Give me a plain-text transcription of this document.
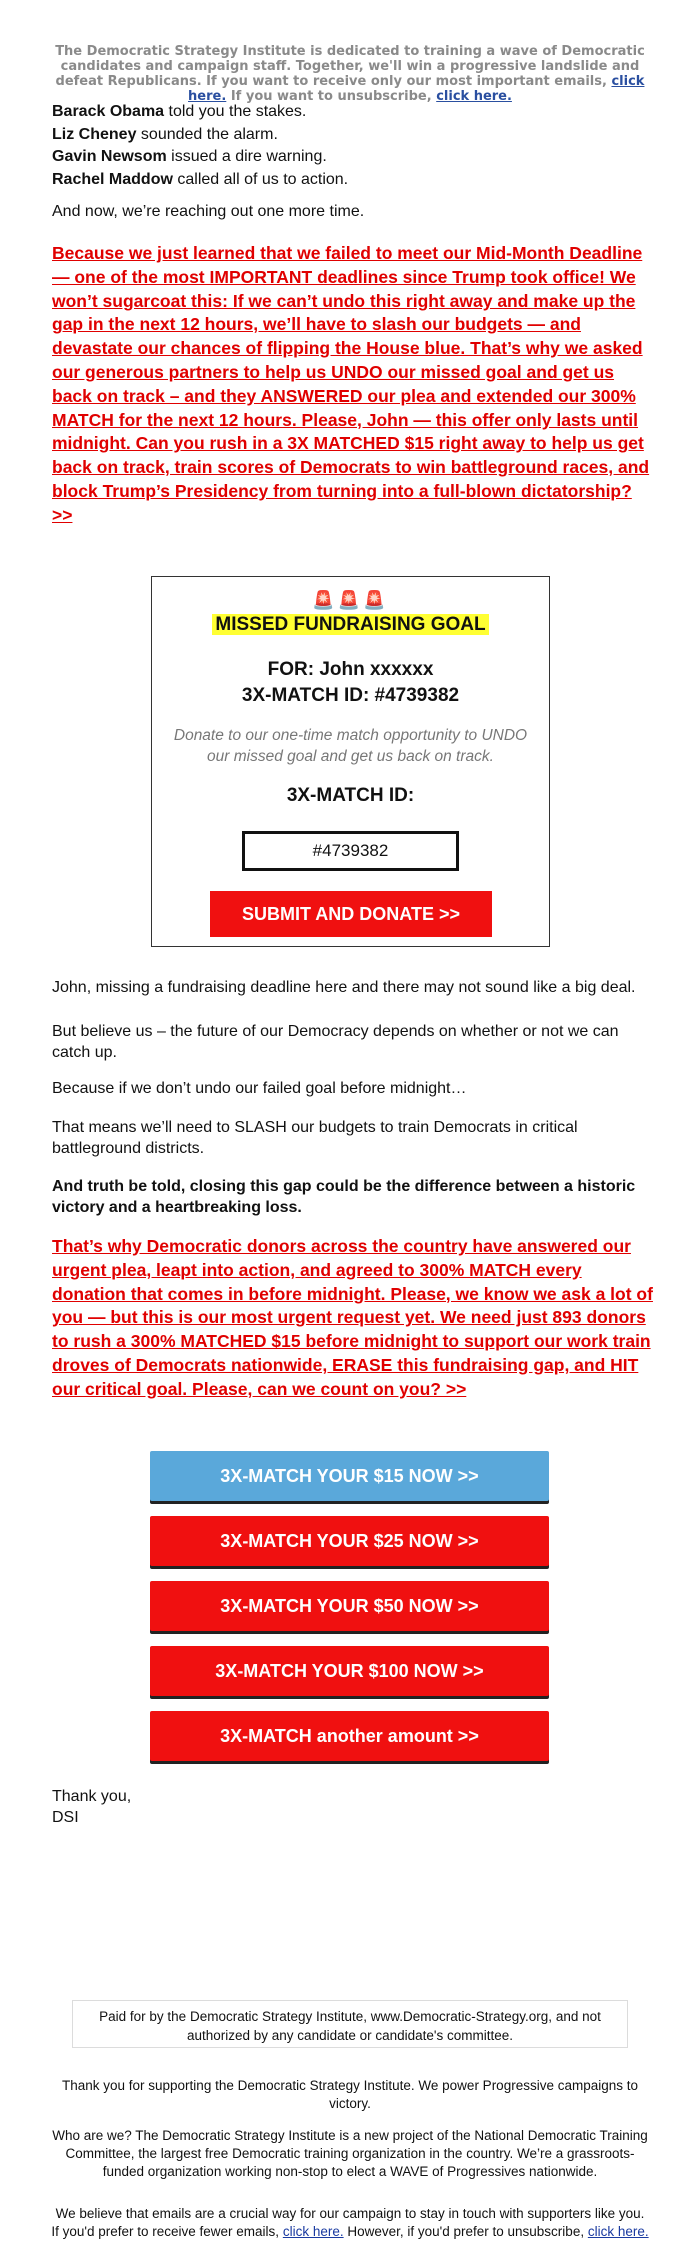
The Democratic Strategy Institute is dedicated to training a wave of Democratic candidates and campaign staff. Together, we'll win a progressive landslide and defeat Republicans. If you want to receive only our most important emails, click here. If you want to unsubscribe, click here.
Barack Obama told you the stakes.
Liz Cheney sounded the alarm.
Gavin Newsom issued a dire warning.
Rachel Maddow called all of us to action.
And now, we’re reaching out one more time.
Because we just learned that we failed to meet our Mid-Month Deadline — one of the most IMPORTANT deadlines since Trump took office! We won’t sugarcoat this: If we can’t undo this right away and make up the gap in the next 12 hours, we’ll have to slash our budgets — and devastate our chances of flipping the House blue. That’s why we asked our generous partners to help us UNDO our missed goal and get us back on track – and they ANSWERED our plea and extended our 300% MATCH for the next 12 hours. Please, John — this offer only lasts until midnight. Can you rush in a 3X MATCHED $15 right away to help us get back on track, train scores of Democrats to win battleground races, and block Trump’s Presidency from turning into a full-blown dictatorship? >>
🚨🚨🚨
MISSED FUNDRAISING GOAL
FOR: John xxxxxx
3X-MATCH ID: #4739382
Donate to our one-time match opportunity to UNDO our missed goal and get us back on track.
3X-MATCH ID:
#4739382
SUBMIT AND DONATE >>
John, missing a fundraising deadline here and there may not sound like a big deal.
But believe us – the future of our Democracy depends on whether or not we can catch up.
Because if we don’t undo our failed goal before midnight…
That means we’ll need to SLASH our budgets to train Democrats in critical battleground districts.
And truth be told, closing this gap could be the difference between a historic victory and a heartbreaking loss.
That’s why Democratic donors across the country have answered our urgent plea, leapt into action, and agreed to 300% MATCH every donation that comes in before midnight. Please, we know we ask a lot of you — but this is our most urgent request yet. We need just 893 donors to rush a 300% MATCHED $15 before midnight to support our work train droves of Democrats nationwide, ERASE this fundraising gap, and HIT our critical goal. Please, can we count on you? >>
3X-MATCH YOUR $15 NOW >>
3X-MATCH YOUR $25 NOW >>
3X-MATCH YOUR $50 NOW >>
3X-MATCH YOUR $100 NOW >>
3X-MATCH another amount >>
Thank you,
DSI
Paid for by the Democratic Strategy Institute, www.Democratic-Strategy.org, and not authorized by any candidate or candidate's committee.
Thank you for supporting the Democratic Strategy Institute. We power Progressive campaigns to victory.
Who are we? The Democratic Strategy Institute is a new project of the National Democratic Training Committee, the largest free Democratic training organization in the country. We’re a grassroots-funded organization working non-stop to elect a WAVE of Progressives nationwide.
We believe that emails are a crucial way for our campaign to stay in touch with supporters like you. If you'd prefer to receive fewer emails, click here. However, if you'd prefer to unsubscribe, click here.
